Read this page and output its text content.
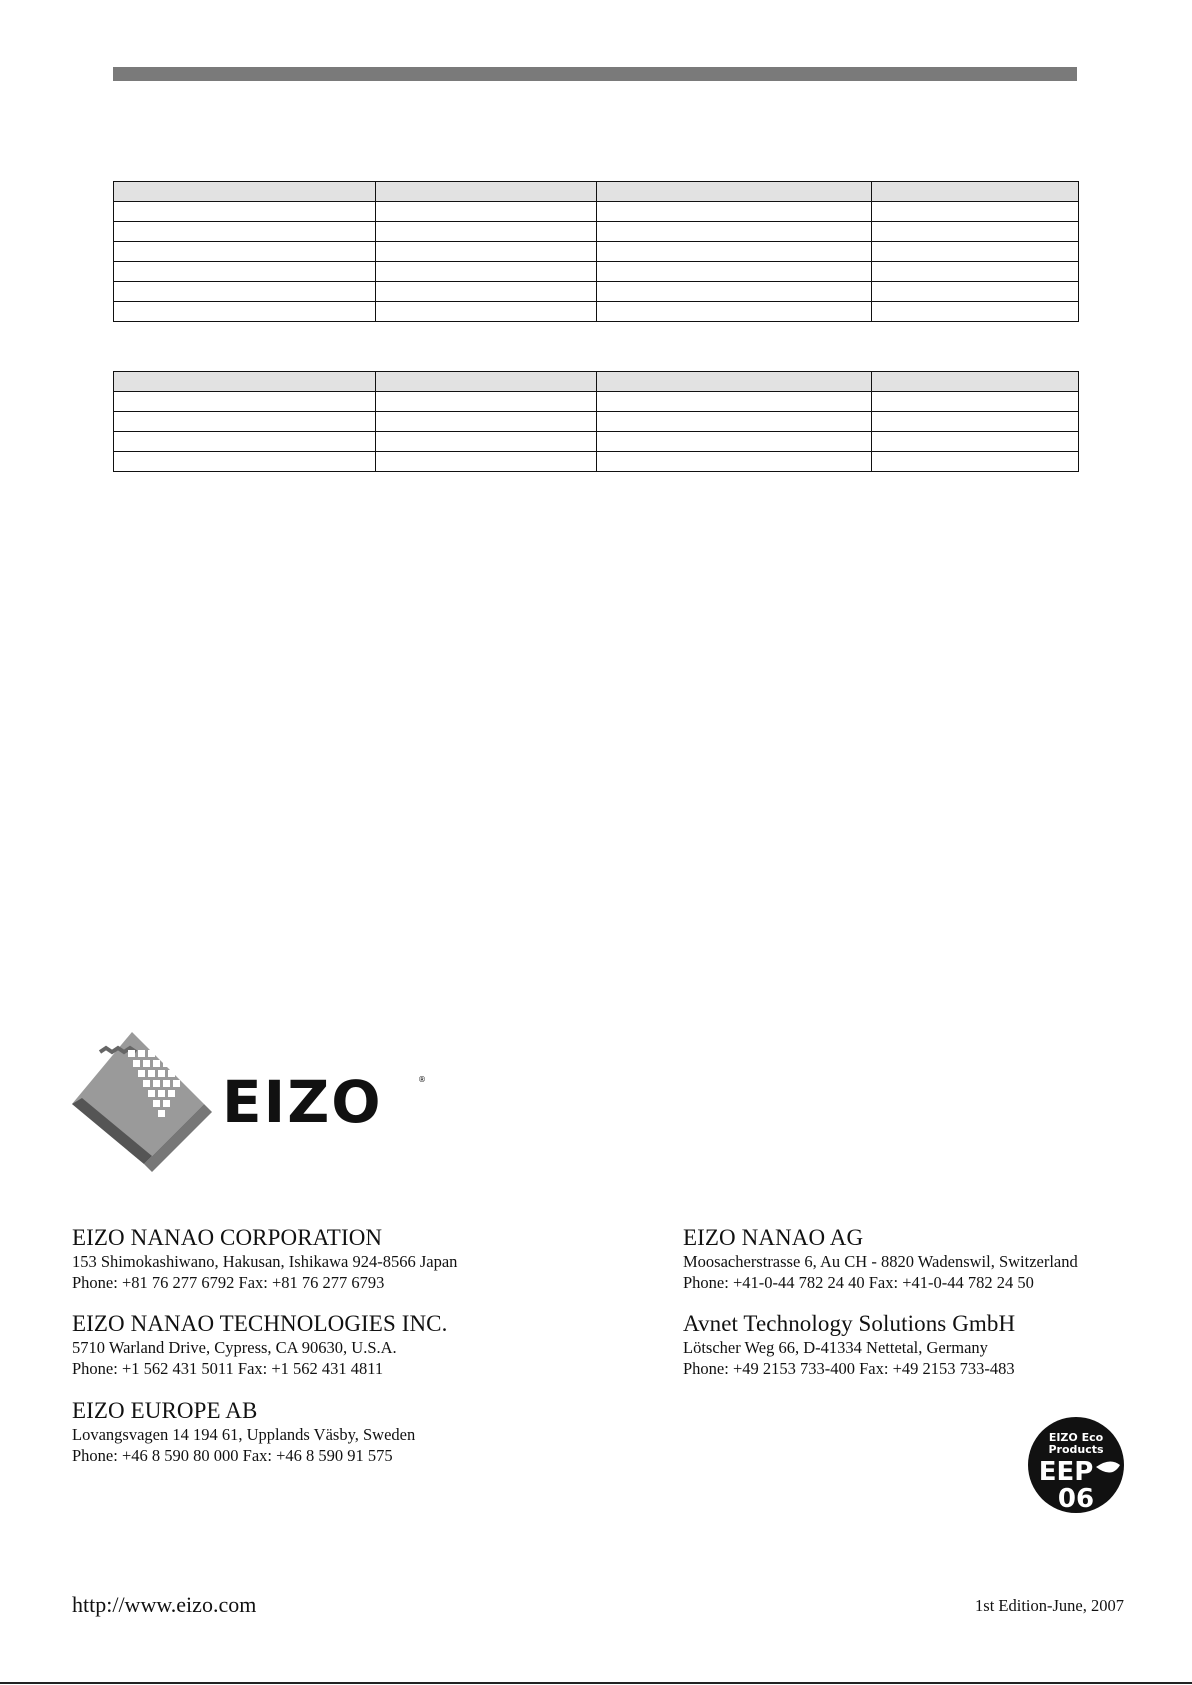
EIZO	®

EIZO NANAO CORPORATION

153 Shimokashiwano, Hakusan, Ishikawa 924-8566 Japan

Phone: +81 76 277 6792 Fax: +81 76 277 6793

EIZO NANAO TECHNOLOGIES INC.

5710 Warland Drive, Cypress, CA 90630, U.S.A.

Phone: +1 562 431 5011 Fax: +1 562 431 4811

EIZO EUROPE AB

Lovangsvagen 14 194 61, Upplands Väsby, Sweden

Phone: +46 8 590 80 000 Fax: +46 8 590 91 575

EIZO NANAO AG

Moosacherstrasse 6, Au CH - 8820 Wadenswil, Switzerland

Phone: +41-0-44 782 24 40 Fax: +41-0-44 782 24 50

Avnet Technology Solutions GmbH

Lötscher Weg 66, D-41334 Nettetal, Germany

Phone: +49 2153 733-400 Fax: +49 2153 733-483

EIZO Eco
Products
EEP
06
http://www.eizo.com	1st Edition-June, 2007
